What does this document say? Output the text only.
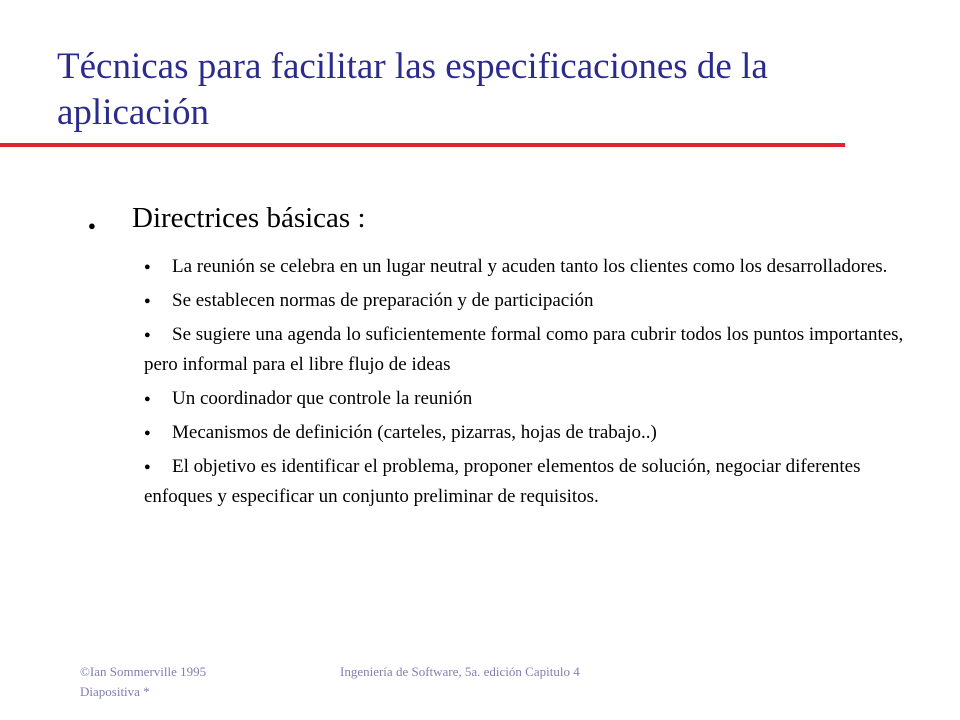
Técnicas para facilitar las especificaciones de la aplicación
● Directrices básicas :
● La reunión se celebra en un lugar neutral y acuden tanto los clientes como los desarrolladores.
● Se establecen normas de preparación y de participación
● Se sugiere una agenda lo suficientemente formal como para cubrir todos los puntos importantes, pero informal para el libre flujo de ideas
● Un coordinador que controle la reunión
● Mecanismos de definición (carteles, pizarras, hojas de trabajo..)
● El objetivo es identificar el problema, proponer elementos de solución, negociar diferentes enfoques y especificar un conjunto preliminar de requisitos.
©Ian Sommerville 1995
Diapositiva *
Ingeniería de Software, 5a. edición Capitulo 4
